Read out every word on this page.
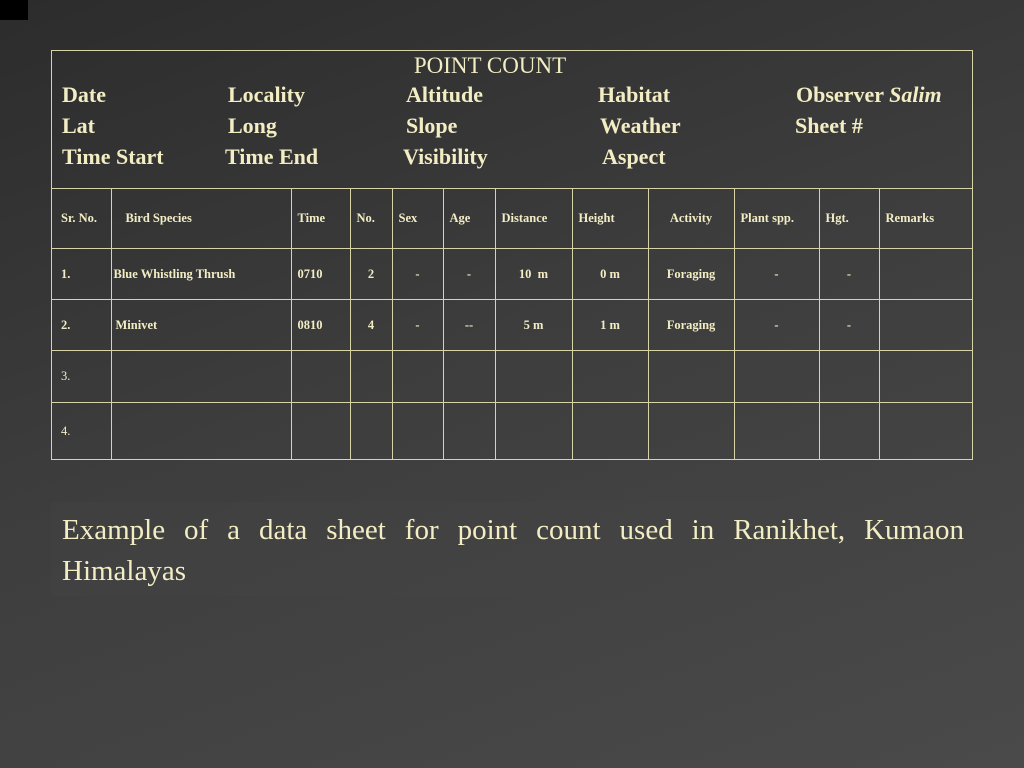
POINT COUNT
Date	Locality	Altitude	Habitat	Observer Salim
Lat	Long	Slope	Weather	Sheet #
Time Start	Time End	Visibility	Aspect
Sr. No.	Bird Species	Time	No.	Sex	Age	Distance	Height	Activity	Plant spp.	Hgt.	Remarks
1.	Blue Whistling Thrush	0710	2	-	-	10  m	0 m	Foraging	-	-	
2.	Minivet	0810	4	-	--	5 m	1 m	Foraging	-	-	
3.											
4.											
Example of a data sheet for point count used in Ranikhet, Kumaon Himalayas
